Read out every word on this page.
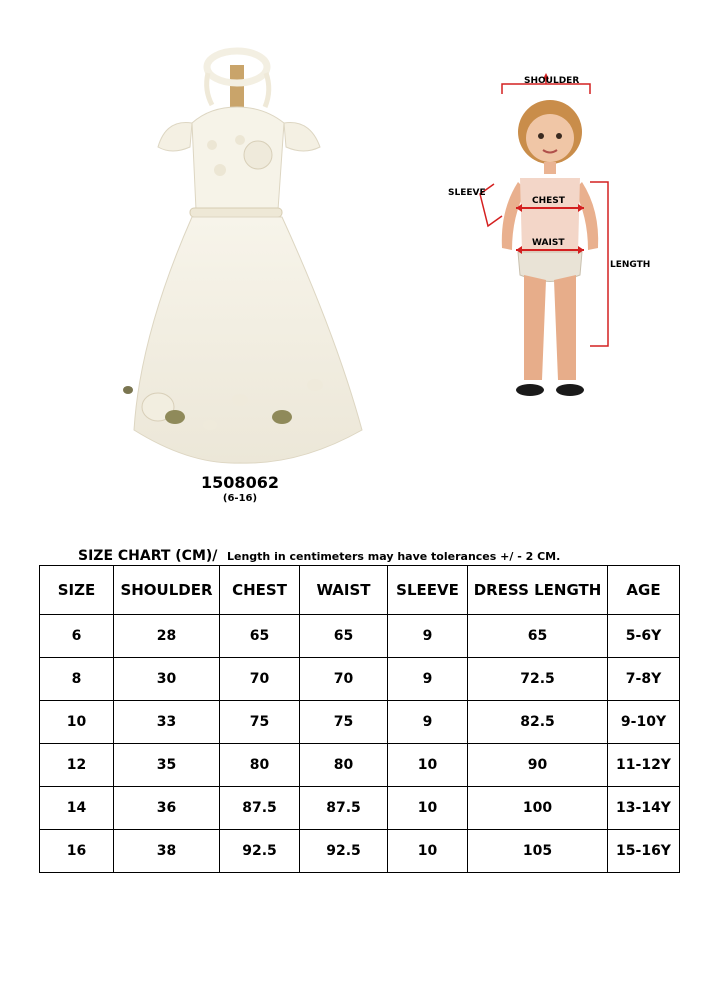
1508062
(6-16)
SHOULDER
SLEEVE
CHEST
WAIST
LENGTH
SIZE CHART (CM)/ Length in centimeters may have tolerances +/ - 2 CM.
SIZE	SHOULDER	CHEST	WAIST	SLEEVE	DRESS LENGTH	AGE
6	28	65	65	9	65	5-6Y
8	30	70	70	9	72.5	7-8Y
10	33	75	75	9	82.5	9-10Y
12	35	80	80	10	90	11-12Y
14	36	87.5	87.5	10	100	13-14Y
16	38	92.5	92.5	10	105	15-16Y
